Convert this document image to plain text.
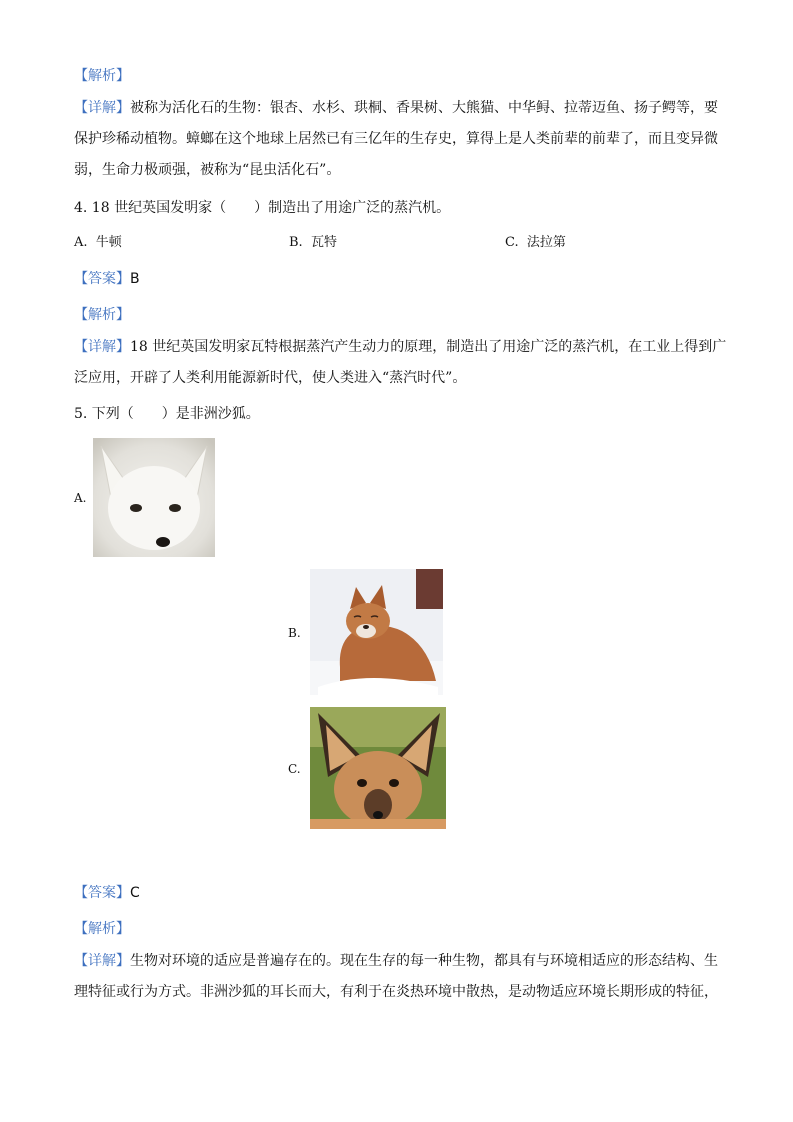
【解析】
【详解】被称为活化石的生物：银杏、水杉、珙桐、香果树、大熊猫、中华鲟、拉蒂迈鱼、扬子鳄等，要
保护珍稀动植物。蟑螂在这个地球上居然已有三亿年的生存史，算得上是人类前辈的前辈了，而且变异微
弱，生命力极顽强，被称为“昆虫活化石”。
4. 18 世纪英国发明家（　　）制造出了用途广泛的蒸汽机。
A. 牛顿	B. 瓦特	C. 法拉第
【答案】B
【解析】
【详解】18 世纪英国发明家瓦特根据蒸汽产生动力的原理，制造出了用途广泛的蒸汽机，在工业上得到广
泛应用，开辟了人类利用能源新时代，使人类进入“蒸汽时代”。
5. 下列（　　）是非洲沙狐。
A.
B.
C.
【答案】C
【解析】
【详解】生物对环境的适应是普遍存在的。现在生存的每一种生物，都具有与环境相适应的形态结构、生
理特征或行为方式。非洲沙狐的耳长而大，有利于在炎热环境中散热，是动物适应环境长期形成的特征，
